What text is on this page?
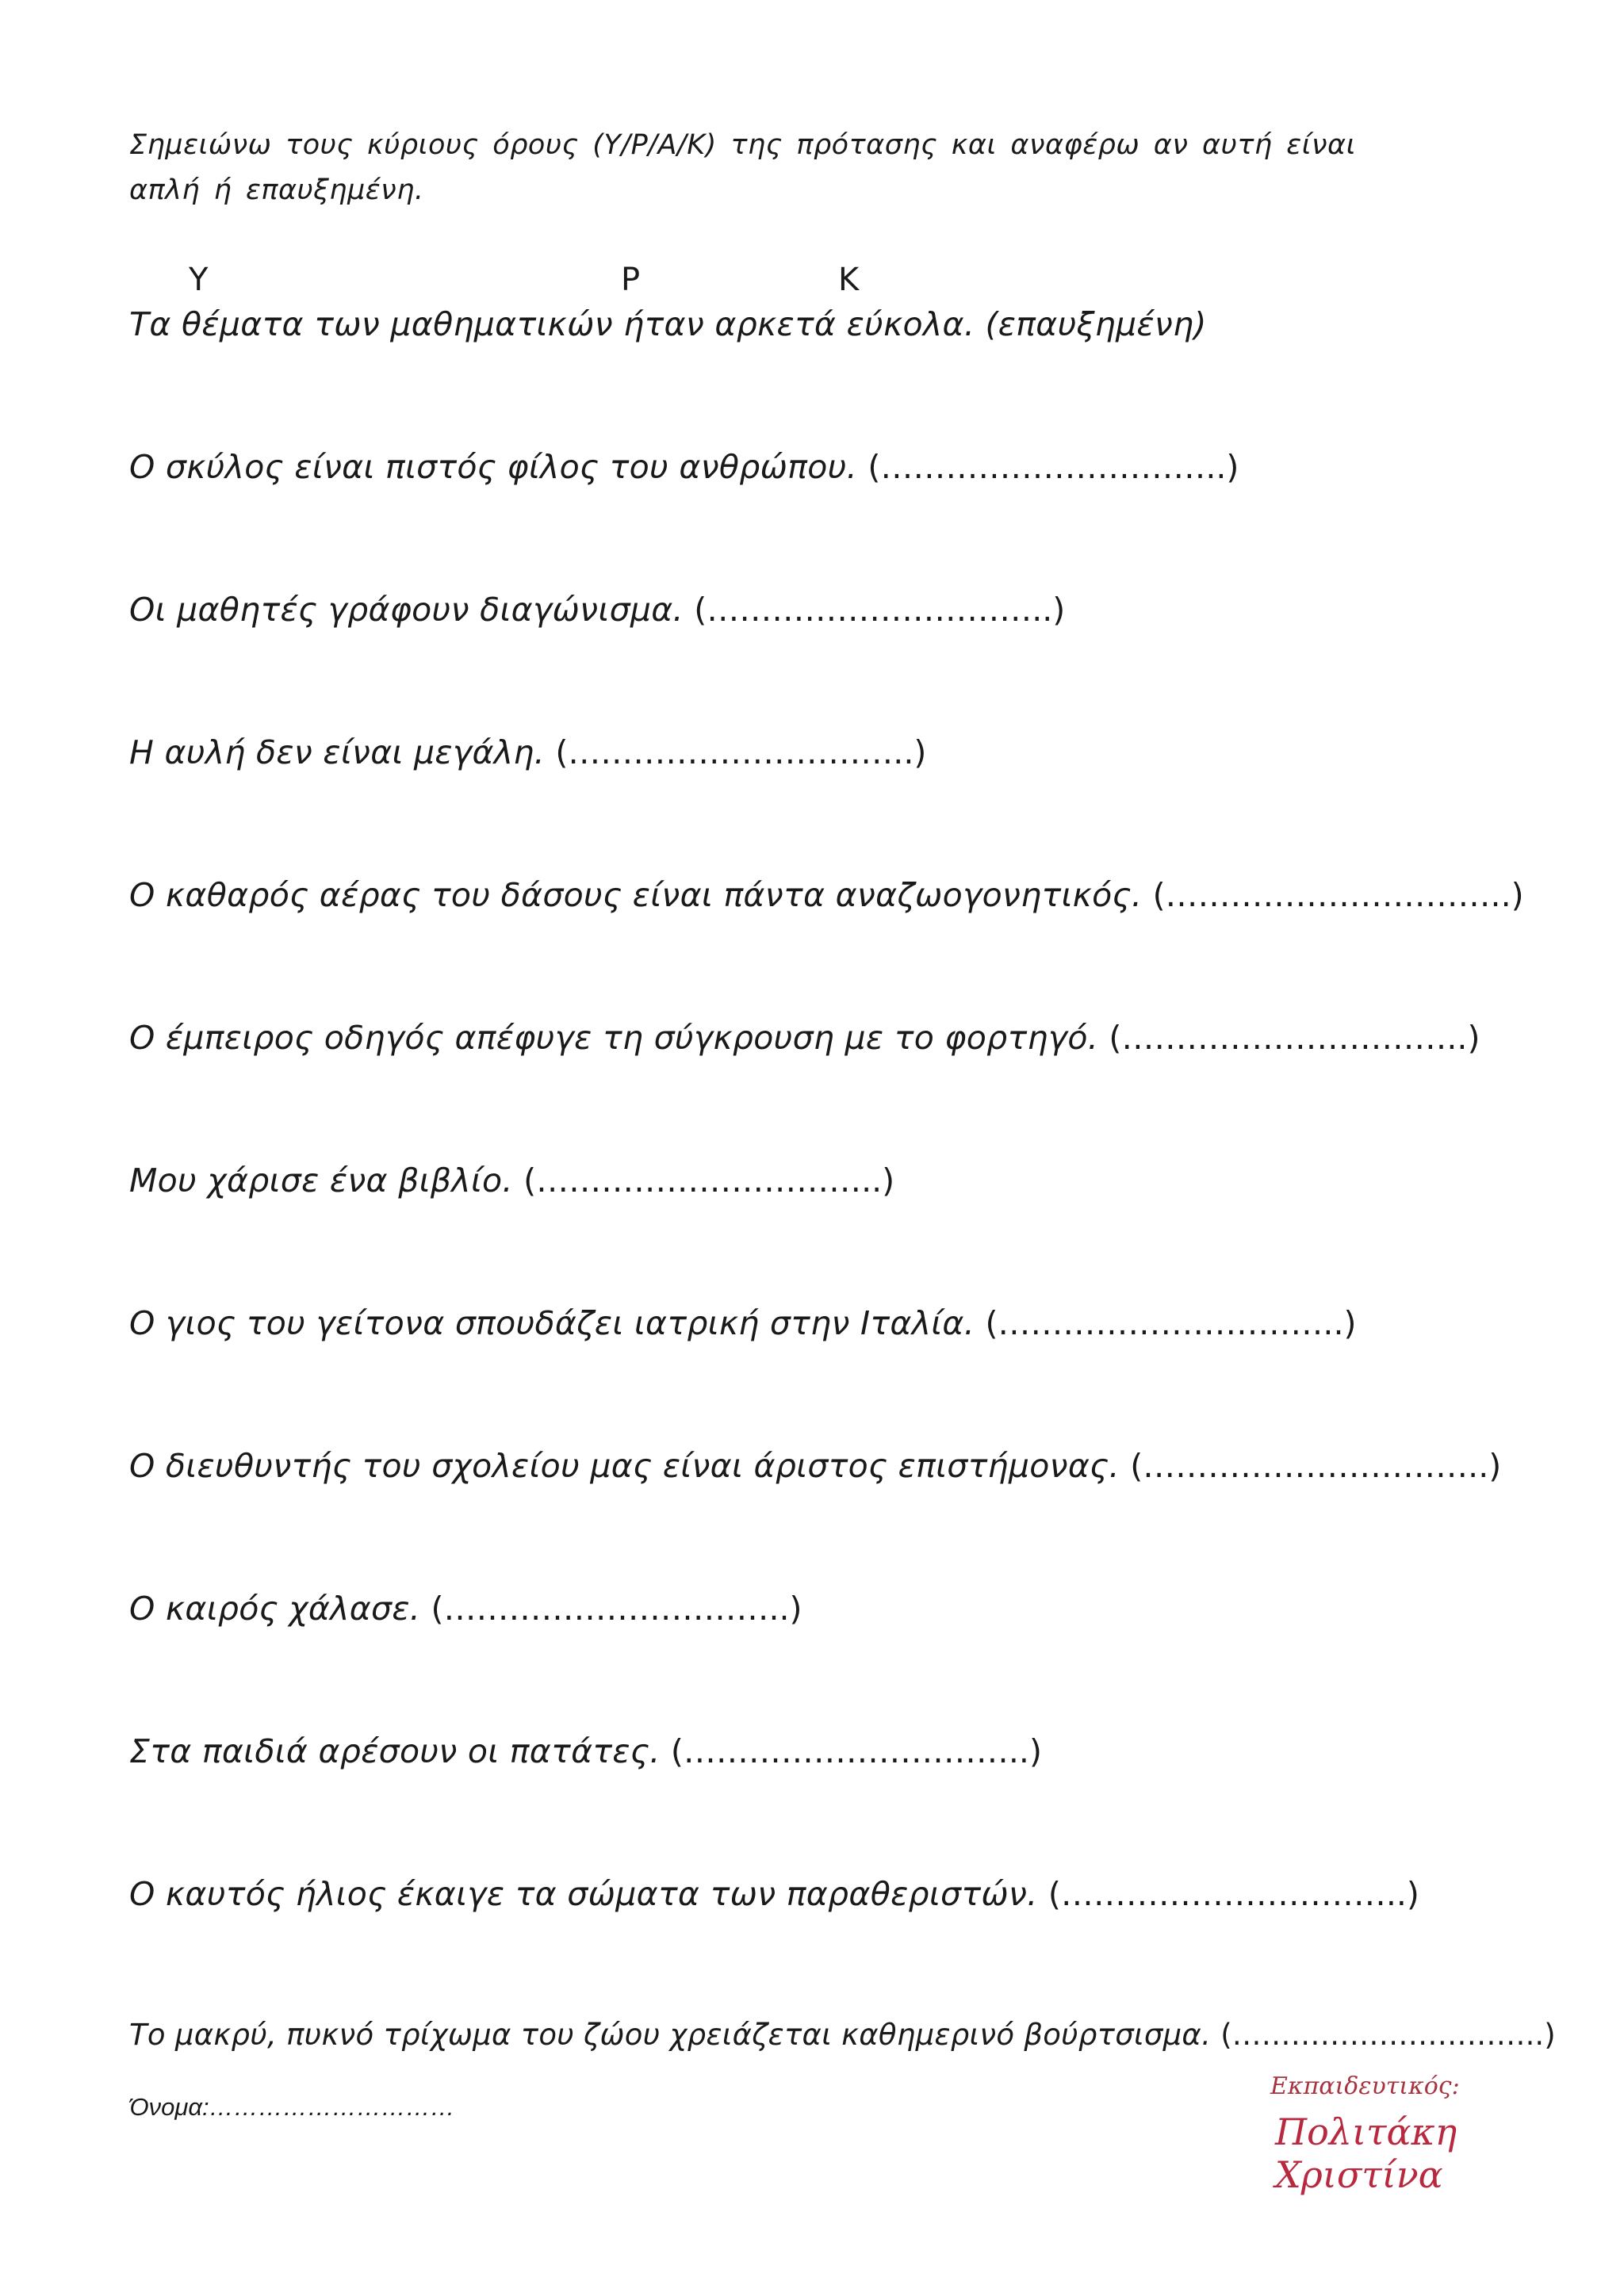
Σημειώνω τους κύριους όρους (Υ/Ρ/Α/Κ) της πρότασης και αναφέρω αν αυτή είναι απλή ή επαυξημένη.
Υ	Ρ	Κ
Τα θέματα των μαθηματικών ήταν αρκετά εύκολα. (επαυξημένη)
Ο σκύλος είναι πιστός φίλος του ανθρώπου. (…………………………..)
Οι μαθητές γράφουν διαγώνισμα. (…………………………..)
Η αυλή δεν είναι μεγάλη. (…………………………..)
Ο καθαρός αέρας του δάσους είναι πάντα αναζωογονητικός. (…………………………..)
Ο έμπειρος οδηγός απέφυγε τη σύγκρουση με το φορτηγό. (…………………………..)
Μου χάρισε ένα βιβλίο. (…………………………..)
Ο γιος του γείτονα σπουδάζει ιατρική στην Ιταλία. (…………………………..)
Ο διευθυντής του σχολείου μας είναι άριστος επιστήμονας. (…………………………..)
Ο καιρός χάλασε. (…………………………..)
Στα παιδιά αρέσουν οι πατάτες. (…………………………..)
Ο καυτός ήλιος έκαιγε τα σώματα των παραθεριστών. (…………………………..)
Το μακρύ, πυκνό τρίχωμα του ζώου χρειάζεται καθημερινό βούρτσισμα. (…………………………..)
Όνομα:…………………………
Εκπαιδευτικός:
Πολιτάκη Χριστίνα
